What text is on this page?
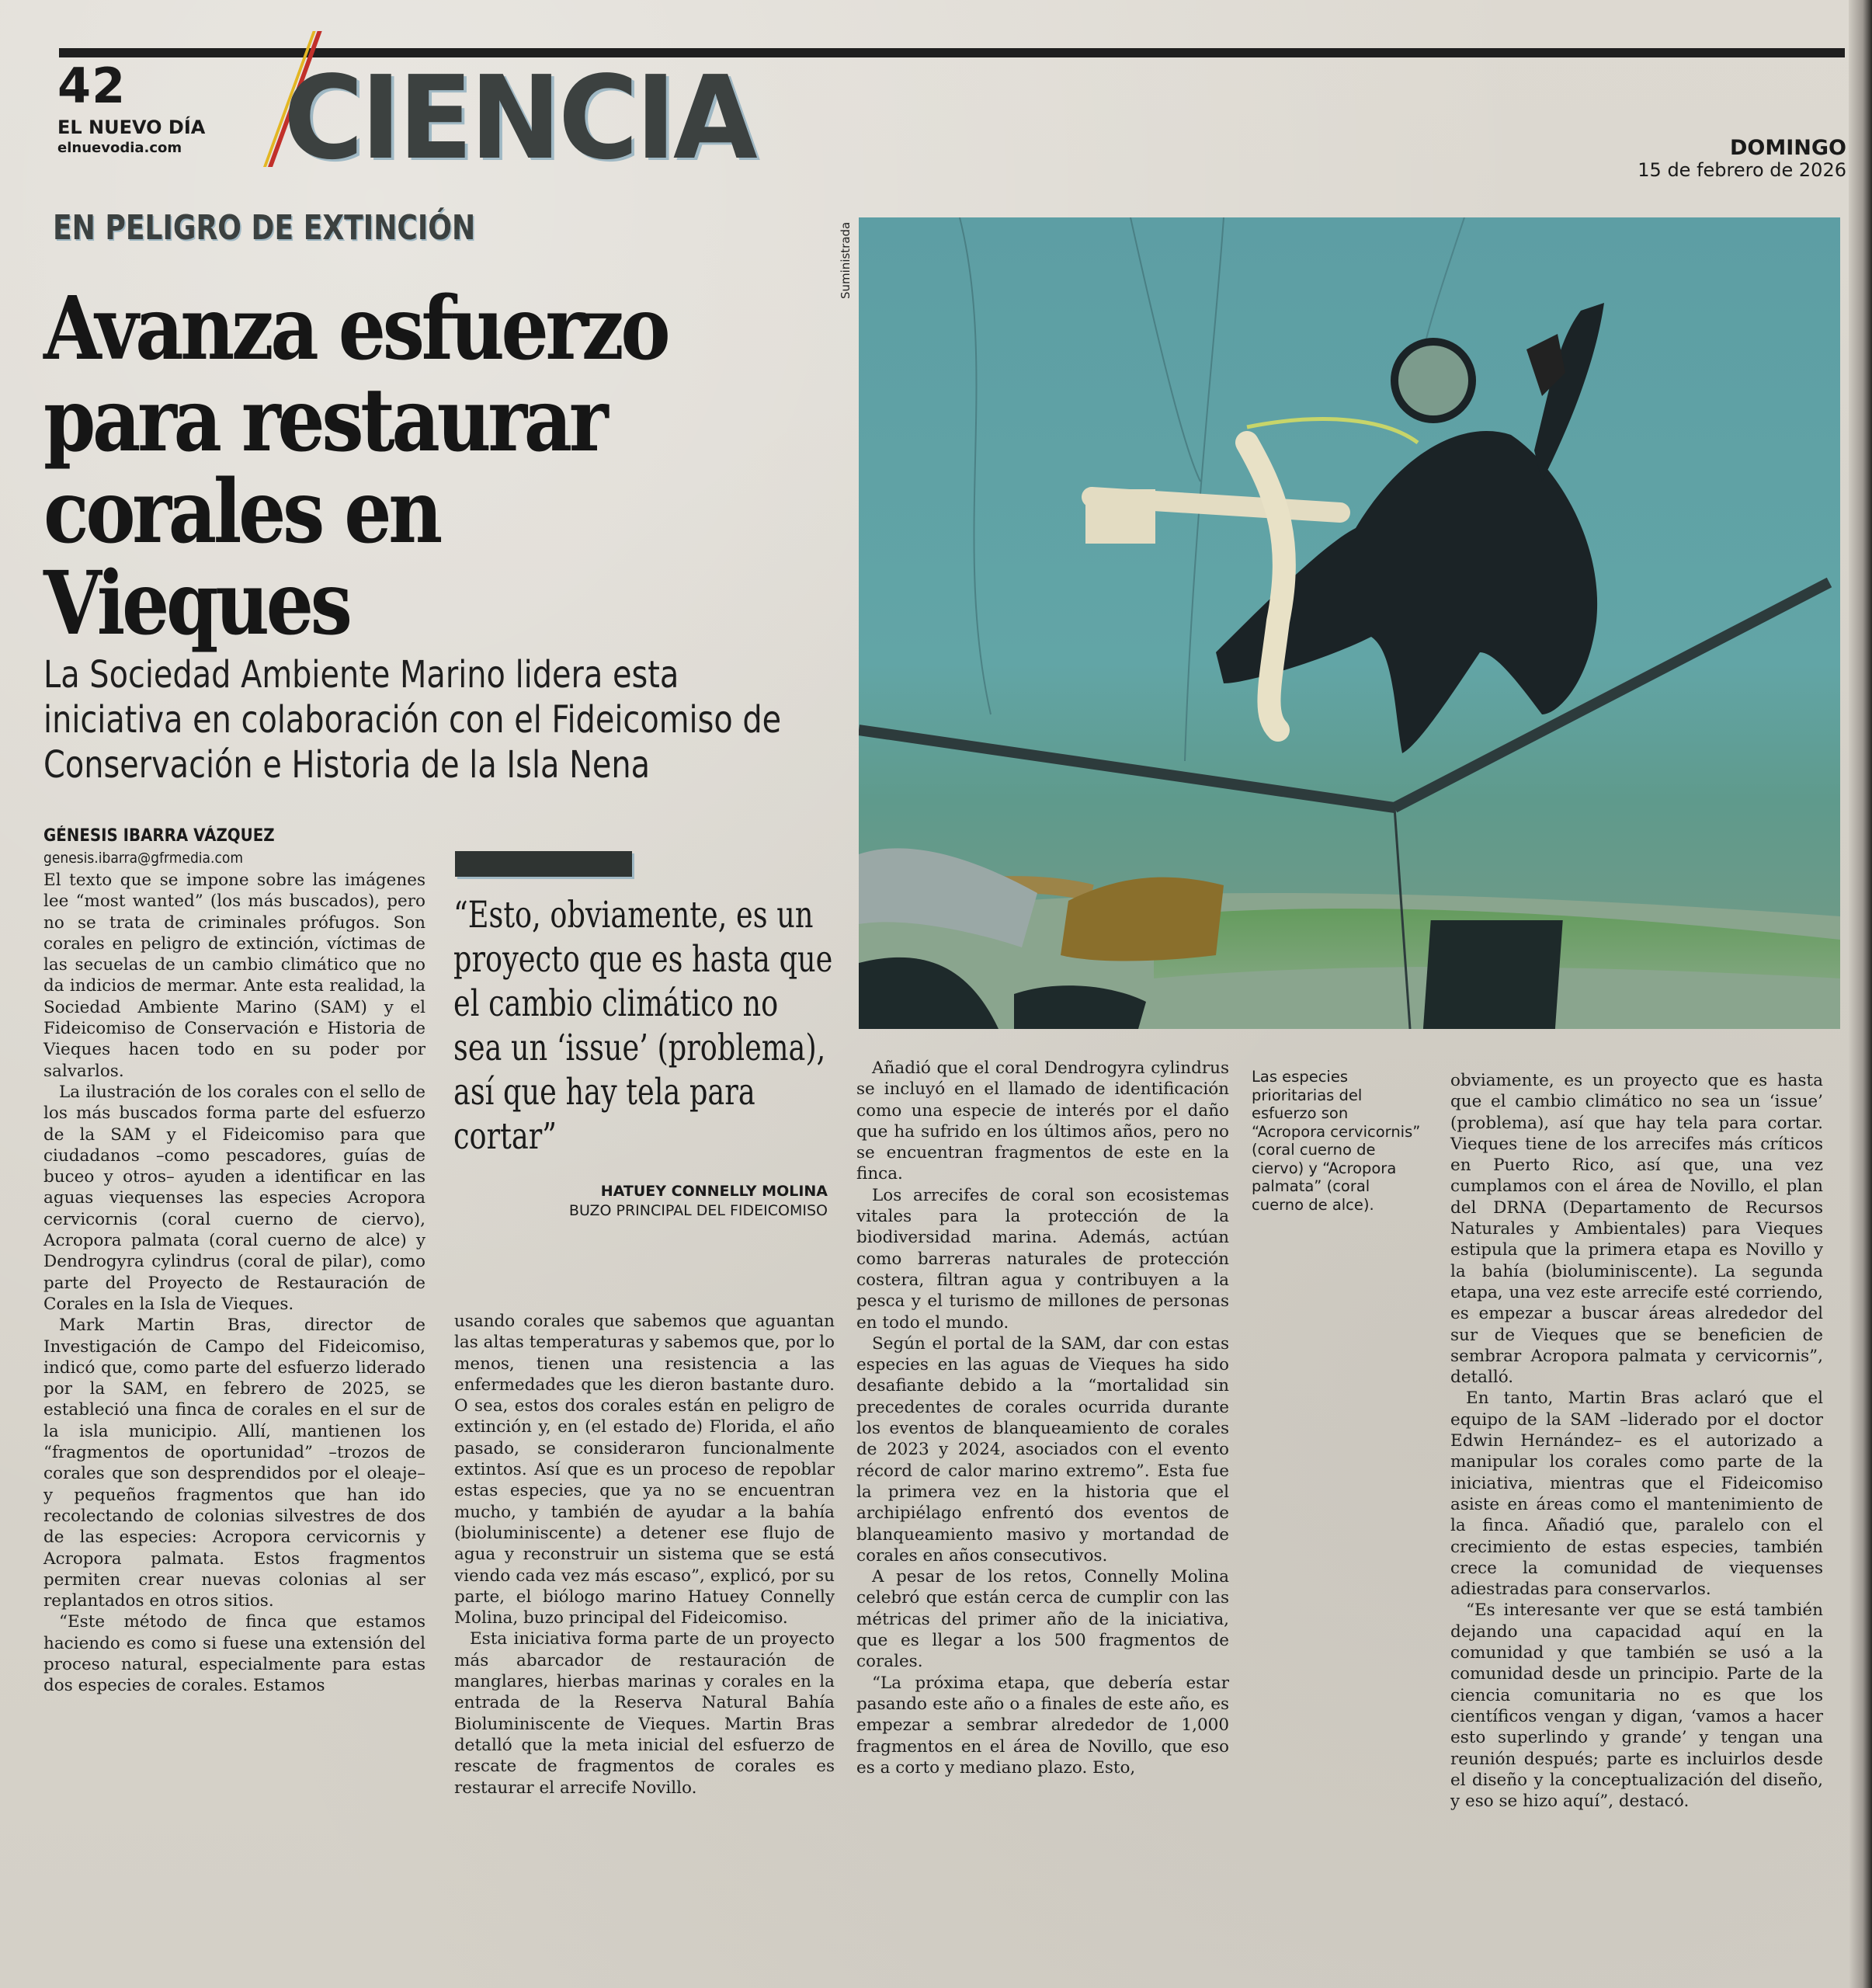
42
EL NUEVO DÍA
elnuevodia.com CIENCIA	DOMINGO
15 de febrero de 2026
EN PELIGRO DE EXTINCIÓN
Avanza esfuerzo
para restaurar
corales en Vieques
La Sociedad Ambiente Marino lidera esta
iniciativa en colaboración con el Fideicomiso de
Conservación e Historia de la Isla Nena
Suministrada
GÉNESIS IBARRA VÁZQUEZ
genesis.ibarra@gfrmedia.com

El texto que se impone sobre las imágenes lee “most wanted” (los más buscados), pero no se trata de criminales prófugos. Son corales en peligro de extinción, víctimas de las secuelas de un cambio climático que no da indicios de mermar. Ante esta realidad, la Sociedad Ambiente Marino (SAM) y el Fideicomiso de Conservación e Historia de Vieques hacen todo en su poder por salvarlos.

La ilustración de los corales con el sello de los más buscados forma parte del esfuerzo de la SAM y el Fideicomiso para que ciudadanos –como pescadores, guías de buceo y otros– ayuden a identificar en las aguas viequenses las especies Acropora cervicornis (coral cuerno de ciervo), Acropora palmata (coral cuerno de alce) y Dendrogyra cylindrus (coral de pilar), como parte del Proyecto de Restauración de Corales en la Isla de Vieques.

Mark Martin Bras, director de Investigación de Campo del Fideicomiso, indicó que, como parte del esfuerzo liderado por la SAM, en febrero de 2025, se estableció una finca de corales en el sur de la isla municipio. Allí, mantienen los “fragmentos de oportunidad” –trozos de corales que son desprendidos por el oleaje– y pequeños fragmentos que han ido recolectando de colonias silvestres de dos de las especies: Acropora cervicornis y Acropora palmata. Estos fragmentos permiten crear nuevas colonias al ser replantados en otros sitios.

“Este método de finca que estamos haciendo es como si fuese una extensión del proceso natural, especialmente para estas dos especies de corales. Estamos

“Esto, obviamente, es un
proyecto que es hasta que
el cambio climático no
sea un ‘issue’ (problema),
así que hay tela para
cortar”
HATUEY CONNELLY MOLINA
BUZO PRINCIPAL DEL FIDEICOMISO

usando corales que sabemos que aguantan las altas temperaturas y sabemos que, por lo menos, tienen una resistencia a las enfermedades que les dieron bastante duro. O sea, estos dos corales están en peligro de extinción y, en (el estado de) Florida, el año pasado, se consideraron funcionalmente extintos. Así que es un proceso de repoblar estas especies, que ya no se encuentran mucho, y también de ayudar a la bahía (bioluminiscente) a detener ese flujo de agua y reconstruir un sistema que se está viendo cada vez más escaso”, explicó, por su parte, el biólogo marino Hatuey Connelly Molina, buzo principal del Fideicomiso.

Esta iniciativa forma parte de un proyecto más abarcador de restauración de manglares, hierbas marinas y corales en la entrada de la Reserva Natural Bahía Bioluminiscente de Vieques. Martin Bras detalló que la meta inicial del esfuerzo de rescate de fragmentos de corales es restaurar el arrecife Novillo.

Añadió que el coral Dendrogyra cylindrus se incluyó en el llamado de identificación como una especie de interés por el daño que ha sufrido en los últimos años, pero no se encuentran fragmentos de este en la finca.

Los arrecifes de coral son ecosistemas vitales para la protección de la biodiversidad marina. Además, actúan como barreras naturales de protección costera, filtran agua y contribuyen a la pesca y el turismo de millones de personas en todo el mundo.

Según el portal de la SAM, dar con estas especies en las aguas de Vieques ha sido desafiante debido a la “mortalidad sin precedentes de corales ocurrida durante los eventos de blanqueamiento de corales de 2023 y 2024, asociados con el evento récord de calor marino extremo”. Esta fue la primera vez en la historia que el archipiélago enfrentó dos eventos de blanqueamiento masivo y mortandad de corales en años consecutivos.

A pesar de los retos, Connelly Molina celebró que están cerca de cumplir con las métricas del primer año de la iniciativa, que es llegar a los 500 fragmentos de corales.

“La próxima etapa, que debería estar pasando este año o a finales de este año, es empezar a sembrar alrededor de 1,000 fragmentos en el área de Novillo, que eso es a corto y mediano plazo. Esto,

Las especies
prioritarias del
esfuerzo son
“Acropora cervicornis”
(coral cuerno de
ciervo) y “Acropora
palmata” (coral
cuerno de alce).

obviamente, es un proyecto que es hasta que el cambio climático no sea un ‘issue’ (problema), así que hay tela para cortar. Vieques tiene de los arrecifes más críticos en Puerto Rico, así que, una vez cumplamos con el área de Novillo, el plan del DRNA (Departamento de Recursos Naturales y Ambientales) para Vieques estipula que la primera etapa es Novillo y la bahía (bioluminiscente). La segunda etapa, una vez este arrecife esté corriendo, es empezar a buscar áreas alrededor del sur de Vieques que se beneficien de sembrar Acropora palmata y cervicornis”, detalló.

En tanto, Martin Bras aclaró que el equipo de la SAM –liderado por el doctor Edwin Hernández– es el autorizado a manipular los corales como parte de la iniciativa, mientras que el Fideicomiso asiste en áreas como el mantenimiento de la finca. Añadió que, paralelo con el crecimiento de estas especies, también crece la comunidad de viequenses adiestradas para conservarlos.

“Es interesante ver que se está también dejando una capacidad aquí en la comunidad y que también se usó a la comunidad desde un principio. Parte de la ciencia comunitaria no es que los científicos vengan y digan, ‘vamos a hacer esto superlindo y grande’ y tengan una reunión después; parte es incluirlos desde el diseño y la conceptualización del diseño, y eso se hizo aquí”, destacó.
